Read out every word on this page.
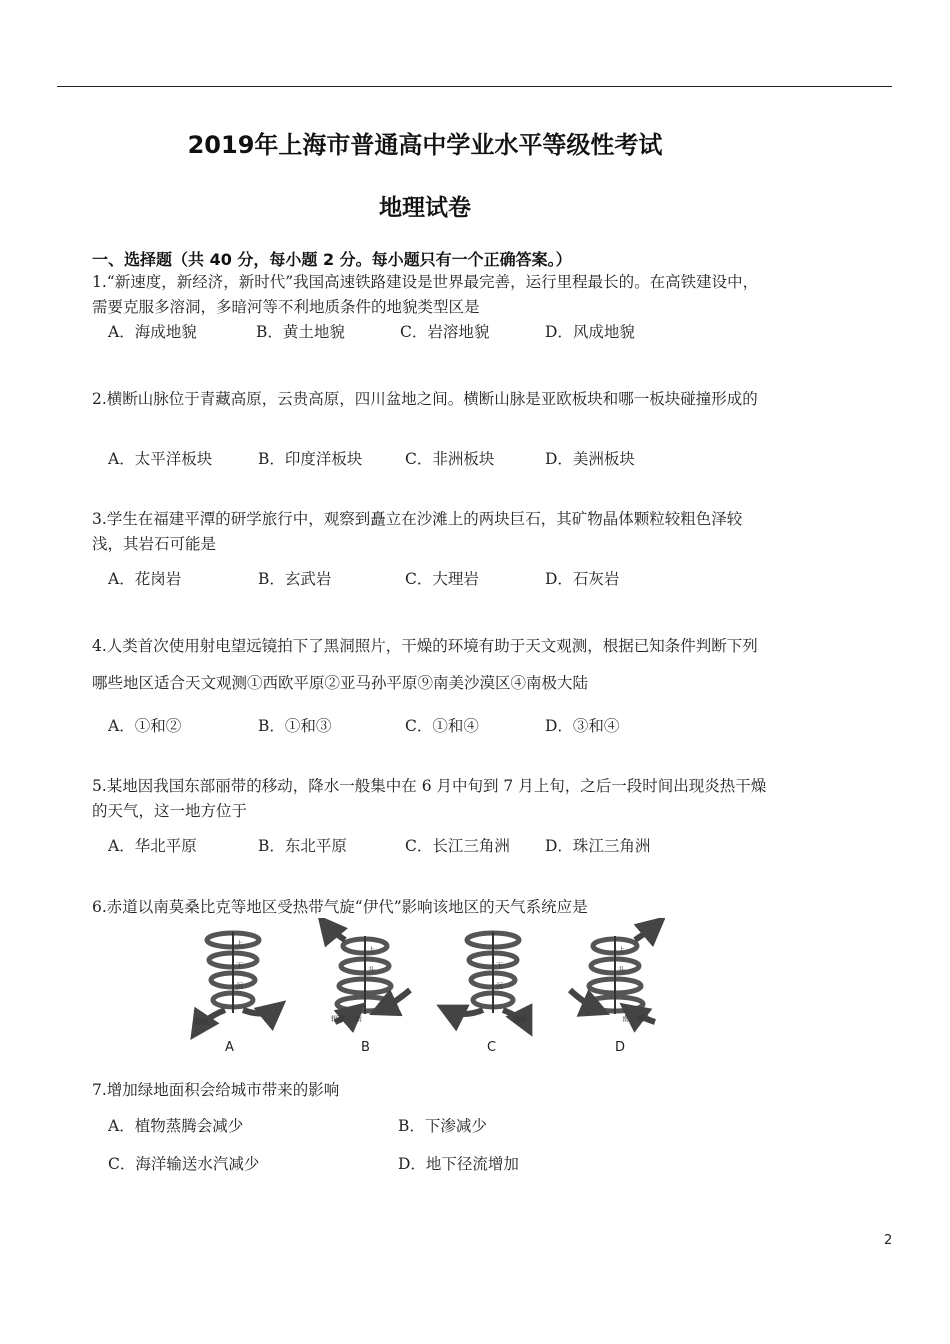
2019年上海市普通高中学业水平等级性考试
地理试卷
一、选择题（共 40 分，每小题 2 分。每小题只有一个正确答案。）
1.“新速度，新经济，新时代”我国高速铁路建设是世界最完善，运行里程最长的。在高铁建设中，需要克服多溶洞，多暗河等不利地质条件的地貌类型区是
A．海成地貌	B．黄土地貌	C．岩溶地貌	D．风成地貌
2.横断山脉位于青藏高原，云贵高原，四川盆地之间。横断山脉是亚欧板块和哪一板块碰撞形成的
A．太平洋板块	B．印度洋板块	C．非洲板块	D．美洲板块
3.学生在福建平潭的研学旅行中，观察到矗立在沙滩上的两块巨石，其矿物晶体颗粒较粗色泽较浅，其岩石可能是
A．花岗岩	B．玄武岩	C．大理岩	D．石灰岩
4.人类首次使用射电望远镜拍下了黑洞照片，干燥的环境有助于天文观测，根据已知条件判断下列哪些地区适合天文观测①西欧平原②亚马孙平原⑨南美沙漠区④南极大陆
A．①和②	B．①和③	C．①和④	D．③和④
5.某地因我国东部丽带的移动，降水一般集中在 6 月中旬到 7 月上旬，之后一段时间出现炎热干燥的天气，这一地方位于
A．华北平原	B．东北平原	C．长江三角洲 D．珠江三角洲
6.赤道以南莫桑比克等地区受热带气旋“伊代”影响该地区的天气系统应是
上
下
沉
辐散
A
上
升
辐散 南
B
下
沉
辐散
C
上
升
南 辐合
D
7.增加绿地面积会给城市带来的影响
A．植物蒸腾会减少	B．下渗减少
C．海洋输送水汽减少	D．地下径流增加
2
